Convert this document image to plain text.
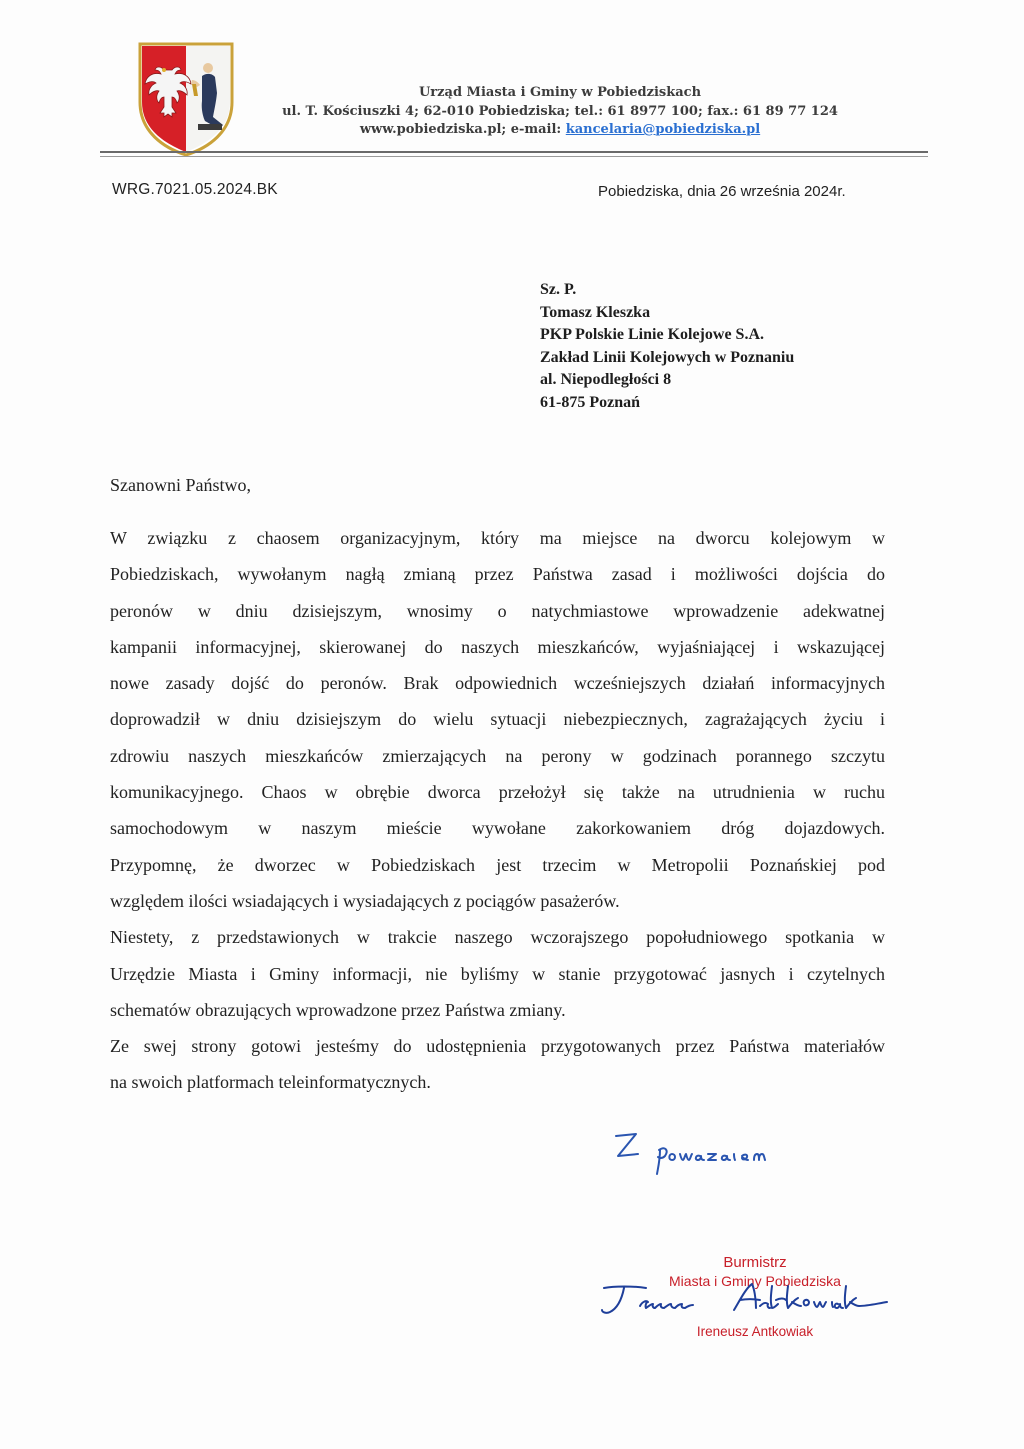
Urząd Miasta i Gminy w Pobiedziskach
ul. T. Kościuszki 4; 62-010 Pobiedziska; tel.: 61 8977 100; fax.: 61 89 77 124
www.pobiedziska.pl; e-mail: kancelaria@pobiedziska.pl
WRG.7021.05.2024.BK	Pobiedziska, dnia 26 września 2024r.
Sz. P.
Tomasz Kleszka
PKP Polskie Linie Kolejowe S.A.
Zakład Linii Kolejowych w Poznaniu
al. Niepodległości 8
61-875 Poznań
Szanowni Państwo,
W związku z chaosem organizacyjnym, który ma miejsce na dworcu kolejowym w
Pobiedziskach, wywołanym nagłą zmianą przez Państwa zasad i możliwości dojścia do
peronów w dniu dzisiejszym, wnosimy o natychmiastowe wprowadzenie adekwatnej
kampanii informacyjnej, skierowanej do naszych mieszkańców, wyjaśniającej i wskazującej
nowe zasady dojść do peronów. Brak odpowiednich wcześniejszych działań informacyjnych
doprowadził w dniu dzisiejszym do wielu sytuacji niebezpiecznych, zagrażających życiu i
zdrowiu naszych mieszkańców zmierzających na perony w godzinach porannego szczytu
komunikacyjnego. Chaos w obrębie dworca przełożył się także na utrudnienia w ruchu
samochodowym w naszym mieście wywołane zakorkowaniem dróg dojazdowych.
Przypomnę, że dworzec w Pobiedziskach jest trzecim w Metropolii Poznańskiej pod
względem ilości wsiadających i wysiadających z pociągów pasażerów.
Niestety, z przedstawionych w trakcie naszego wczorajszego popołudniowego spotkania w
Urzędzie Miasta i Gminy informacji, nie byliśmy w stanie przygotować jasnych i czytelnych
schematów obrazujących wprowadzone przez Państwa zmiany.
Ze swej strony gotowi jesteśmy do udostępnienia przygotowanych przez Państwa materiałów
na swoich platformach teleinformatycznych.
Burmistrz
Miasta i Gminy Pobiedziska
Ireneusz Antkowiak
